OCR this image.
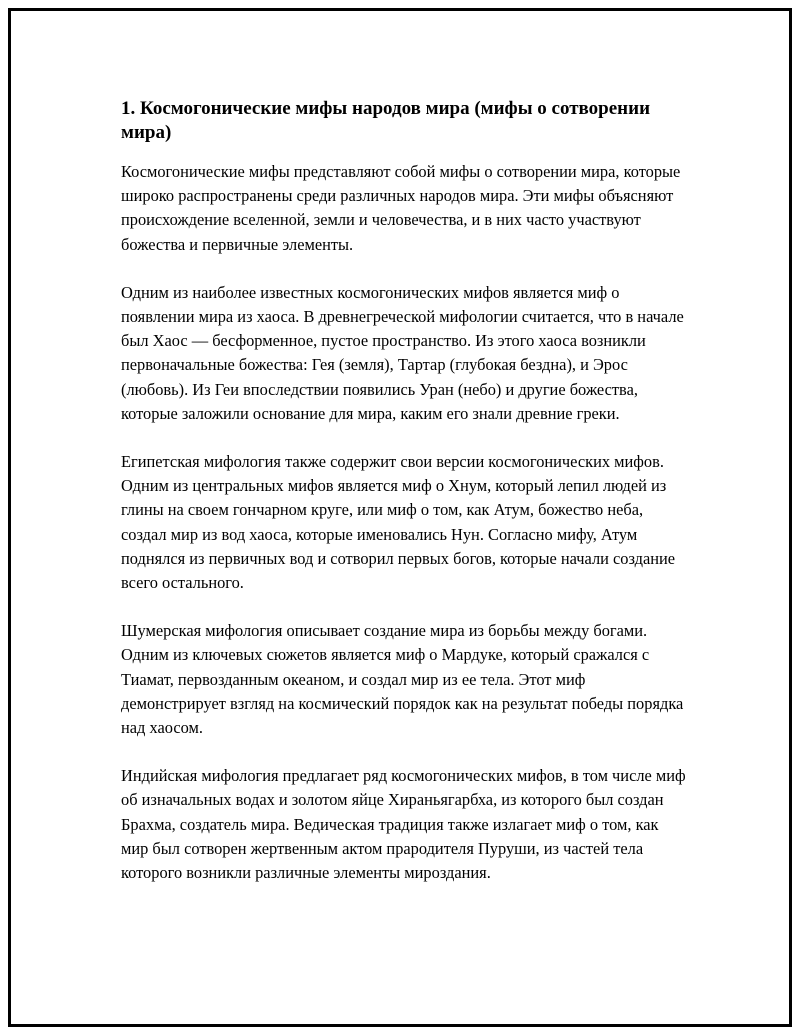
1. Космогонические мифы народов мира (мифы о сотворении мира)

Космогонические мифы представляют собой мифы о сотворении мира, которые широко распространены среди различных народов мира. Эти мифы объясняют происхождение вселенной, земли и человечества, и в них часто участвуют божества и первичные элементы.

Одним из наиболее известных космогонических мифов является миф о появлении мира из хаоса. В древнегреческой мифологии считается, что в начале был Хаос — бесформенное, пустое пространство. Из этого хаоса возникли первоначальные божества: Гея (земля), Тартар (глубокая бездна), и Эрос (любовь). Из Геи впоследствии появились Уран (небо) и другие божества, которые заложили основание для мира, каким его знали древние греки.

Египетская мифология также содержит свои версии космогонических мифов. Одним из центральных мифов является миф о Хнум, который лепил людей из глины на своем гончарном круге, или миф о том, как Атум, божество неба, создал мир из вод хаоса, которые именовались Нун. Согласно мифу, Атум поднялся из первичных вод и сотворил первых богов, которые начали создание всего остального.

Шумерская мифология описывает создание мира из борьбы между богами. Одним из ключевых сюжетов является миф о Мардуке, который сражался с Тиамат, первозданным океаном, и создал мир из ее тела. Этот миф демонстрирует взгляд на космический порядок как на результат победы порядка над хаосом.

Индийская мифология предлагает ряд космогонических мифов, в том числе миф об изначальных водах и золотом яйце Хираньягарбха, из которого был создан Брахма, создатель мира. Ведическая традиция также излагает миф о том, как мир был сотворен жертвенным актом прародителя Пуруши, из частей тела которого возникли различные элементы мироздания.
